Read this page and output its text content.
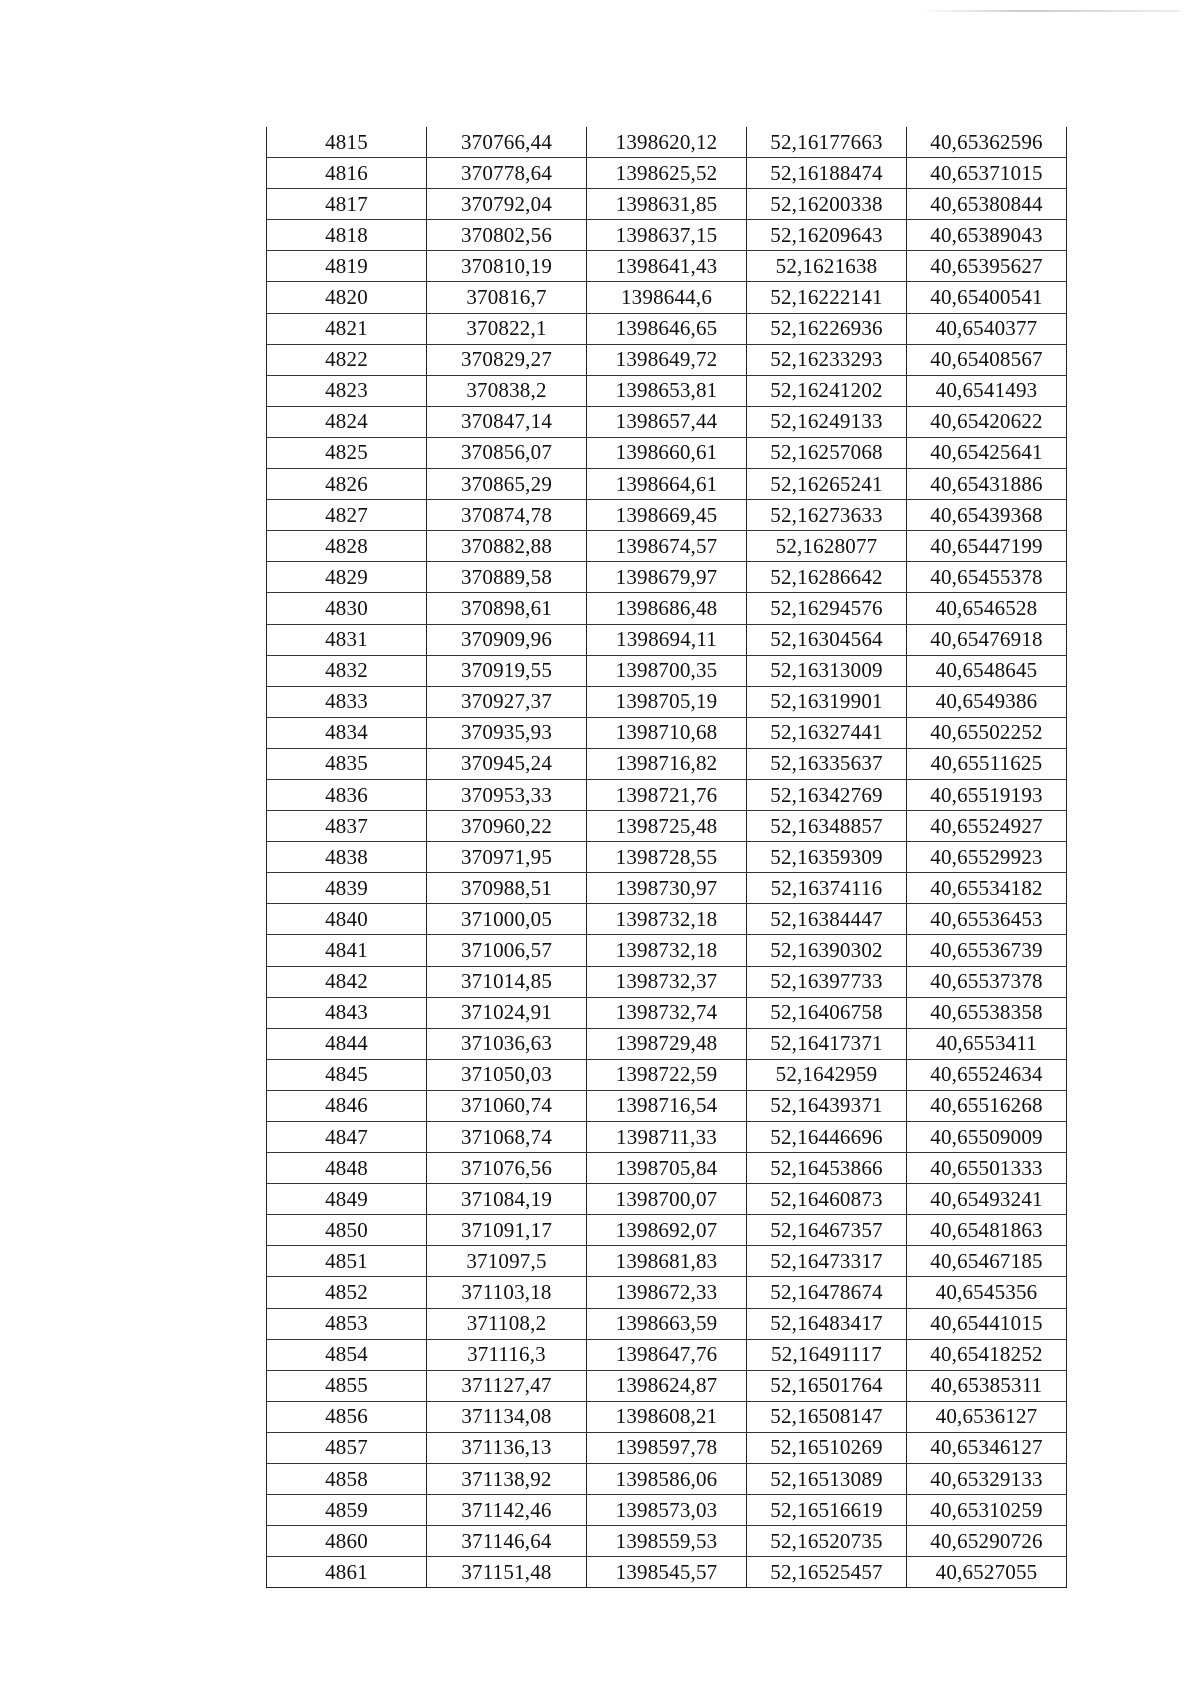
4815	370766,44	1398620,12	52,16177663	40,65362596
4816	370778,64	1398625,52	52,16188474	40,65371015
4817	370792,04	1398631,85	52,16200338	40,65380844
4818	370802,56	1398637,15	52,16209643	40,65389043
4819	370810,19	1398641,43	52,1621638	40,65395627
4820	370816,7	1398644,6	52,16222141	40,65400541
4821	370822,1	1398646,65	52,16226936	40,6540377
4822	370829,27	1398649,72	52,16233293	40,65408567
4823	370838,2	1398653,81	52,16241202	40,6541493
4824	370847,14	1398657,44	52,16249133	40,65420622
4825	370856,07	1398660,61	52,16257068	40,65425641
4826	370865,29	1398664,61	52,16265241	40,65431886
4827	370874,78	1398669,45	52,16273633	40,65439368
4828	370882,88	1398674,57	52,1628077	40,65447199
4829	370889,58	1398679,97	52,16286642	40,65455378
4830	370898,61	1398686,48	52,16294576	40,6546528
4831	370909,96	1398694,11	52,16304564	40,65476918
4832	370919,55	1398700,35	52,16313009	40,6548645
4833	370927,37	1398705,19	52,16319901	40,6549386
4834	370935,93	1398710,68	52,16327441	40,65502252
4835	370945,24	1398716,82	52,16335637	40,65511625
4836	370953,33	1398721,76	52,16342769	40,65519193
4837	370960,22	1398725,48	52,16348857	40,65524927
4838	370971,95	1398728,55	52,16359309	40,65529923
4839	370988,51	1398730,97	52,16374116	40,65534182
4840	371000,05	1398732,18	52,16384447	40,65536453
4841	371006,57	1398732,18	52,16390302	40,65536739
4842	371014,85	1398732,37	52,16397733	40,65537378
4843	371024,91	1398732,74	52,16406758	40,65538358
4844	371036,63	1398729,48	52,16417371	40,6553411
4845	371050,03	1398722,59	52,1642959	40,65524634
4846	371060,74	1398716,54	52,16439371	40,65516268
4847	371068,74	1398711,33	52,16446696	40,65509009
4848	371076,56	1398705,84	52,16453866	40,65501333
4849	371084,19	1398700,07	52,16460873	40,65493241
4850	371091,17	1398692,07	52,16467357	40,65481863
4851	371097,5	1398681,83	52,16473317	40,65467185
4852	371103,18	1398672,33	52,16478674	40,6545356
4853	371108,2	1398663,59	52,16483417	40,65441015
4854	371116,3	1398647,76	52,16491117	40,65418252
4855	371127,47	1398624,87	52,16501764	40,65385311
4856	371134,08	1398608,21	52,16508147	40,6536127
4857	371136,13	1398597,78	52,16510269	40,65346127
4858	371138,92	1398586,06	52,16513089	40,65329133
4859	371142,46	1398573,03	52,16516619	40,65310259
4860	371146,64	1398559,53	52,16520735	40,65290726
4861	371151,48	1398545,57	52,16525457	40,6527055
